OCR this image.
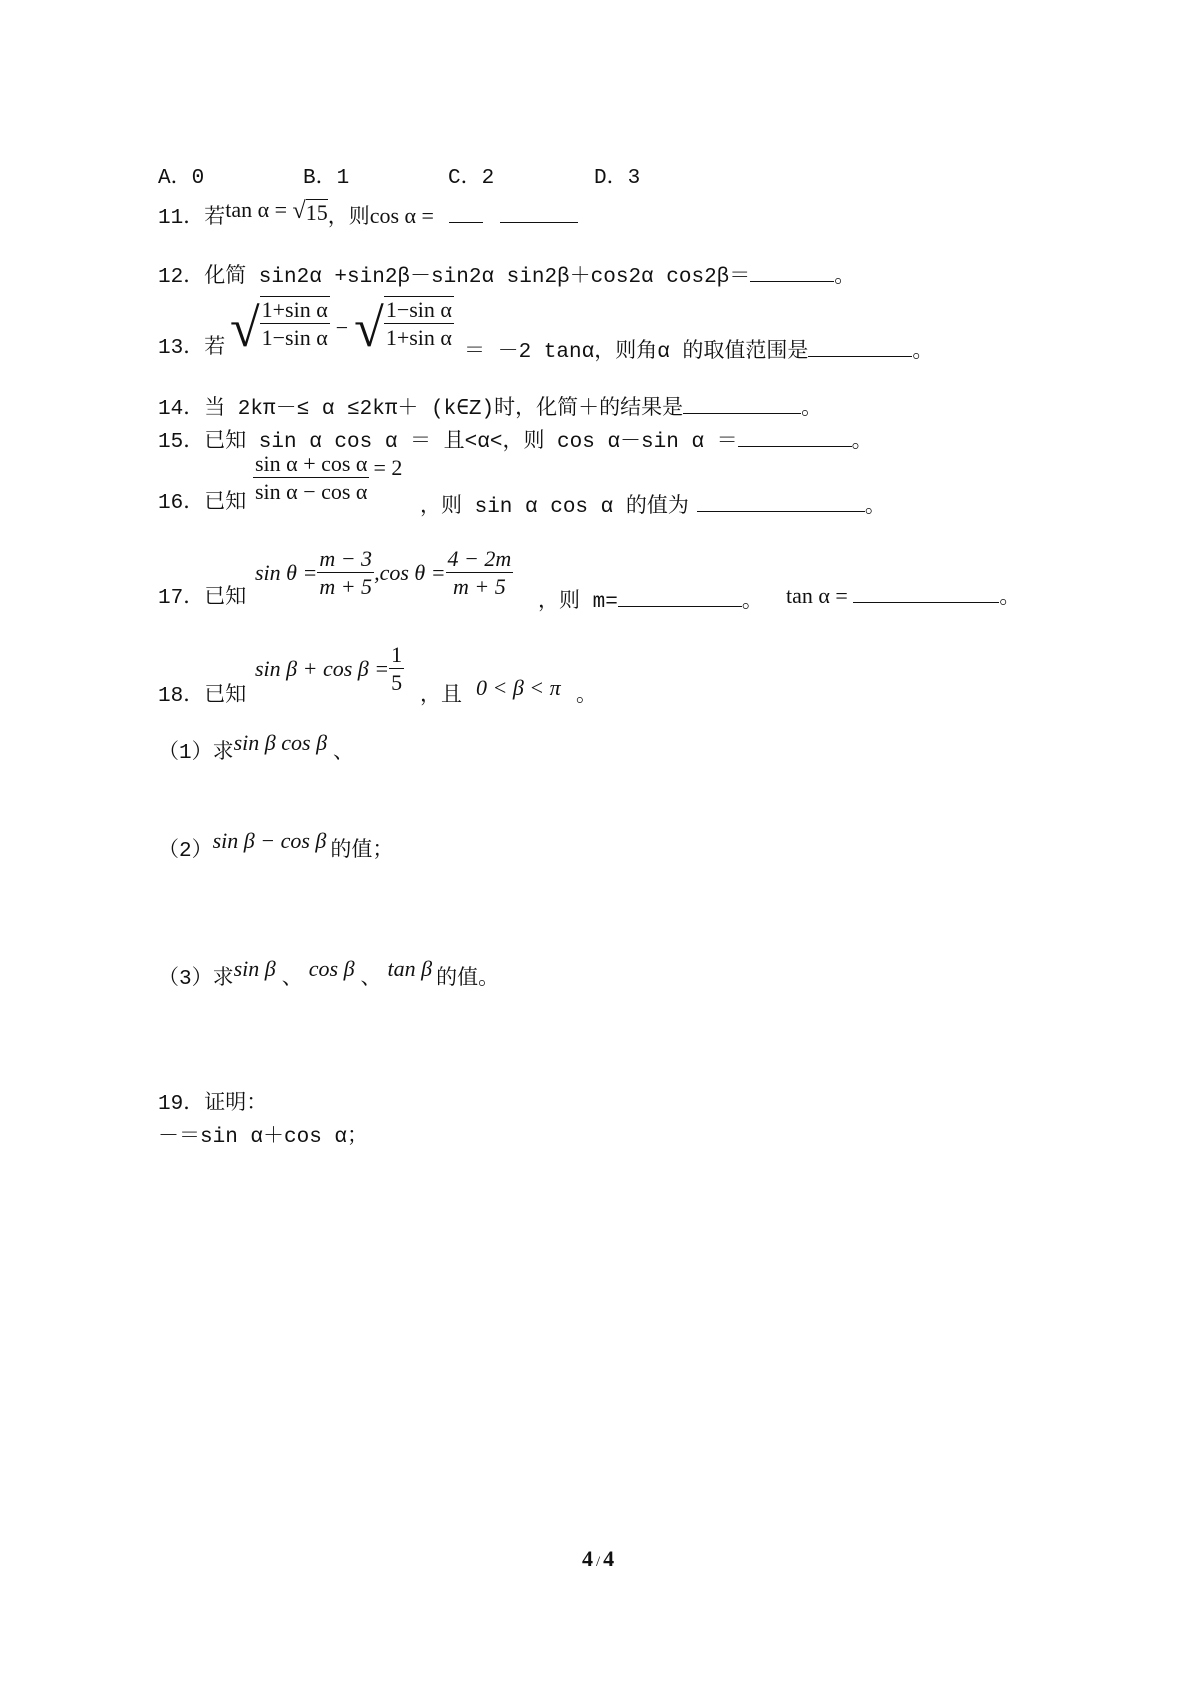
A．0	B．1	C．2	D．3
11．若tan α = √ 15 ，则cos α =
12．化简 sin2α +sin2β－sin2α sin2β＋cos2α cos2β＝	。
13．若 √ $\frac{\text{1+sin α}}{\text{1−sin α}}$ − √ $\frac{\text{1−sin α}}{\text{1+sin α}}$
＝ －2 tanα，则角α 的取值范围是	。
14．当 2kπ－≤ α ≤2kπ＋ (k∈Z)时，化简＋的结果是	。
15．已知 sin α cos α ＝ 且<α<，则 cos α－sin α ＝	。
16．已知
$\frac{\text{sin α + cos α}}{\text{sin α − cos α}} = 2$
，则 sin α cos α 的值为	。
17．已知
$\sin \theta = \frac{m - 3}{m + 5} ,\cos$ $\theta = \frac{4 - 2m}{m + 5}$
，则 m=	。 tan α =	。
18．已知
$\sin \beta + \cos \beta = \frac{1}{5}$
，且 0 < β < π 。
（1）求sin β cos β 、
（2）sin β − cos β 的值；
（3）求sin β 、 cos β 、 tan β 的值。
19．证明：
－＝sin α＋cos α；
4 / 4
